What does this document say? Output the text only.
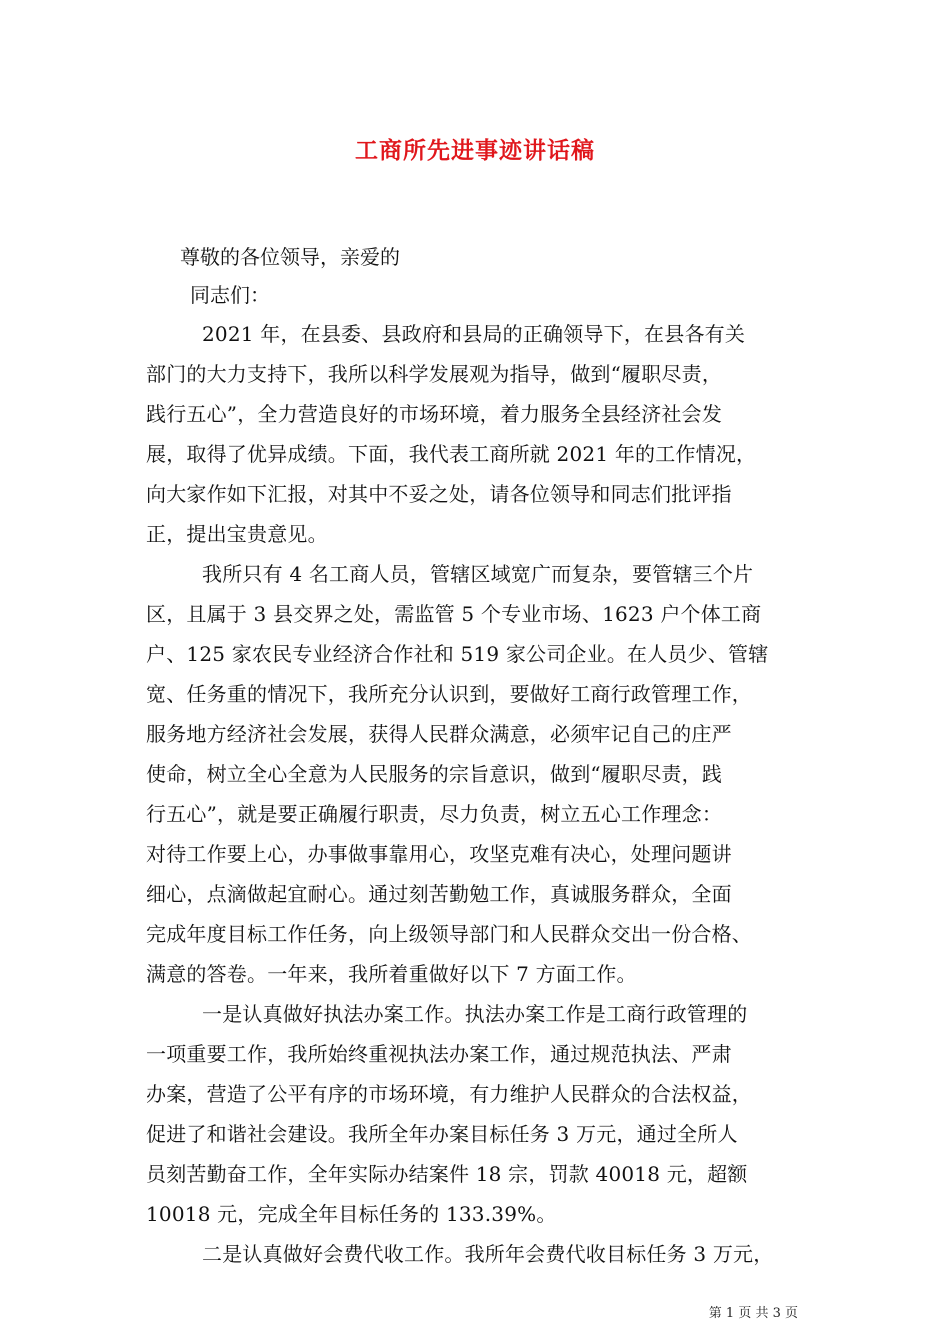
工商所先进事迹讲话稿
尊敬的各位领导，亲爱的
同志们：
2021 年，在县委、县政府和县局的正确领导下，在县各有关
部门的大力支持下，我所以科学发展观为指导，做到“履职尽责，
践行五心”，全力营造良好的市场环境，着力服务全县经济社会发
展，取得了优异成绩。下面，我代表工商所就 2021 年的工作情况，
向大家作如下汇报，对其中不妥之处，请各位领导和同志们批评指
正，提出宝贵意见。
我所只有 4 名工商人员，管辖区域宽广而复杂，要管辖三个片
区，且属于 3 县交界之处，需监管 5 个专业市场、1623 户个体工商
户、125 家农民专业经济合作社和 519 家公司企业。在人员少、管辖
宽、任务重的情况下，我所充分认识到，要做好工商行政管理工作，
服务地方经济社会发展，获得人民群众满意，必须牢记自己的庄严
使命，树立全心全意为人民服务的宗旨意识，做到“履职尽责，践
行五心”，就是要正确履行职责，尽力负责，树立五心工作理念：
对待工作要上心，办事做事靠用心，攻坚克难有决心，处理问题讲
细心，点滴做起宜耐心。通过刻苦勤勉工作，真诚服务群众，全面
完成年度目标工作任务，向上级领导部门和人民群众交出一份合格、
满意的答卷。一年来，我所着重做好以下 7 方面工作。
一是认真做好执法办案工作。执法办案工作是工商行政管理的
一项重要工作，我所始终重视执法办案工作，通过规范执法、严肃
办案，营造了公平有序的市场环境，有力维护人民群众的合法权益，
促进了和谐社会建设。我所全年办案目标任务 3 万元，通过全所人
员刻苦勤奋工作，全年实际办结案件 18 宗，罚款 40018 元，超额
10018 元，完成全年目标任务的 133.39%。
二是认真做好会费代收工作。我所年会费代收目标任务 3 万元，
第 1 页 共 3 页
